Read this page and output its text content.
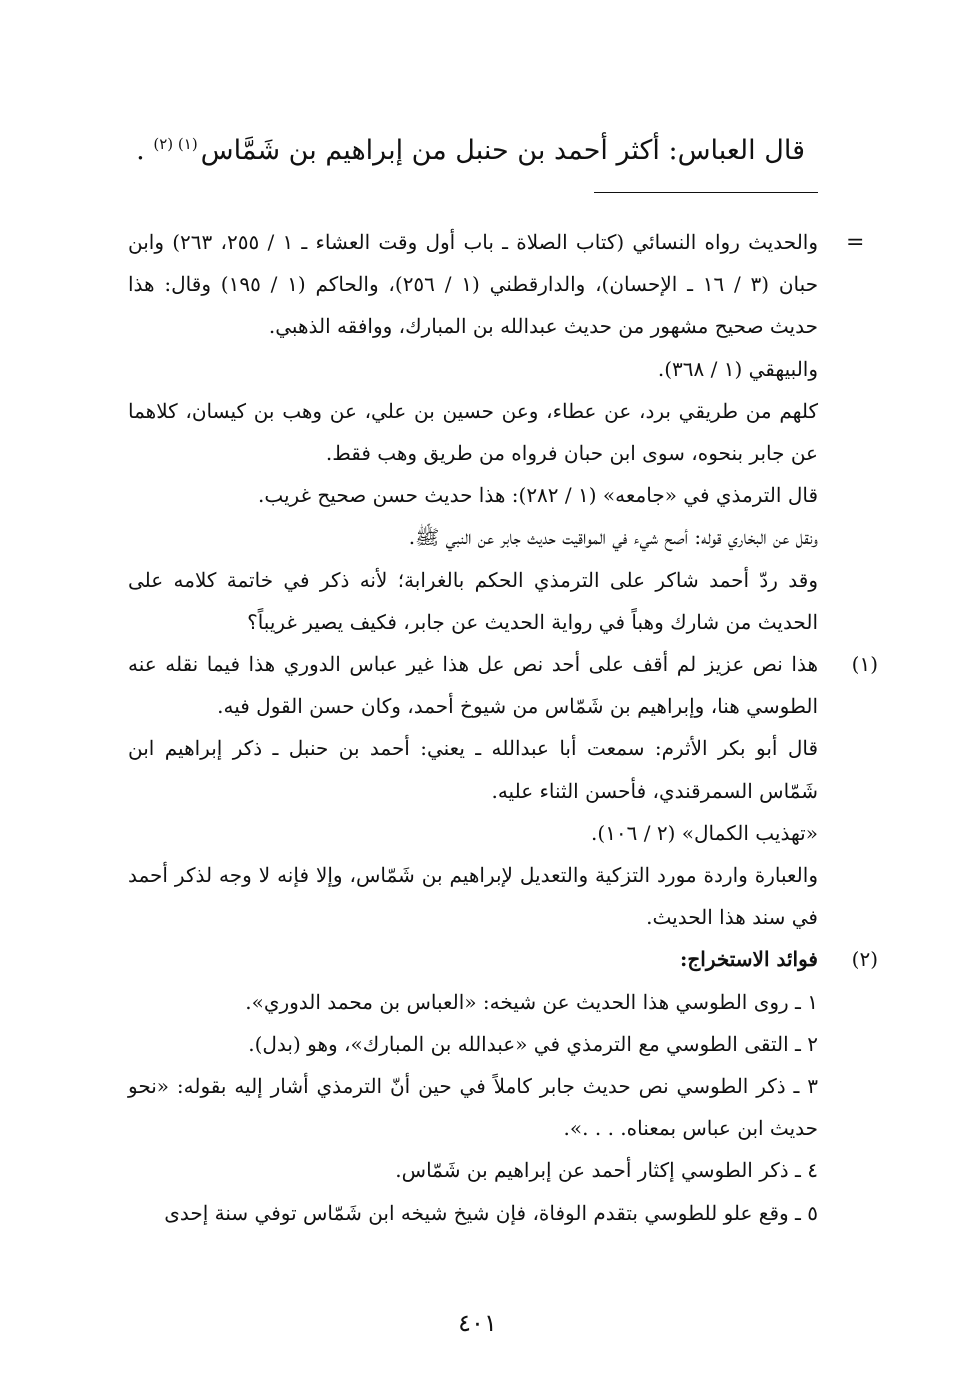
قال العباس: أكثر أحمد بن حنبل من إبراهيم بن شَمَّاس$^{(١) (٢)}$ .
=

والحديث رواه النسائي (كتاب الصلاة ـ باب أول وقت العشاء ـ ١ / ٢٥٥، ٢٦٣) وابن حبان (٣ / ١٦ ـ الإحسان)، والدارقطني (١ / ٢٥٦)، والحاكم (١ / ١٩٥) وقال: هذا حديث صحيح مشهور من حديث عبدالله بن المبارك، ووافقه الذهبي.

والبيهقي (١ / ٣٦٨).

كلهم من طريقي برد، عن عطاء، وعن حسين بن علي، عن وهب بن كيسان، كلاهما عن جابر بنحوه، سوى ابن حبان فرواه من طريق وهب فقط.

قال الترمذي في «جامعه» (١ / ٢٨٢): هذا حديث حسن صحيح غريب.

ونقل عن البخاري قوله: أصح شيء في المواقيت حديث جابر عن النبي ﷺ.

وقد ردّ أحمد شاكر على الترمذي الحكم بالغرابة؛ لأنه ذكر في خاتمة كلامه على الحديث من شارك وهباً في رواية الحديث عن جابر، فكيف يصير غريباً؟

(١)

هذا نص عزيز لم أقف على أحد نص عل هذا غير عباس الدوري هذا فيما نقله عنه الطوسي هنا، وإبراهيم بن شَمّاس من شيوخ أحمد، وكان حسن القول فيه.

قال أبو بكر الأثرم: سمعت أبا عبدالله ـ يعني: أحمد بن حنبل ـ ذكر إبراهيم ابن شَمّاس السمرقندي، فأحسن الثناء عليه.

«تهذيب الكمال» (٢ / ١٠٦).

والعبارة واردة مورد التزكية والتعديل لإبراهيم بن شَمّاس، وإلا فإنه لا وجه لذكر أحمد في سند هذا الحديث.

(٢)

فوائد الاستخراج:

١ ـ روى الطوسي هذا الحديث عن شيخه: «العباس بن محمد الدوري».

٢ ـ التقى الطوسي مع الترمذي في «عبدالله بن المبارك»، وهو (بدل).

٣ ـ ذكر الطوسي نص حديث جابر كاملاً في حين أنّ الترمذي أشار إليه بقوله: «نحو حديث ابن عباس بمعناه. . . .».

٤ ـ ذكر الطوسي إكثار أحمد عن إبراهيم بن شَمّاس.

٥ ـ وقع علو للطوسي بتقدم الوفاة، فإن شيخ شيخه ابن شَمّاس توفي سنة إحدى

٤٠١
